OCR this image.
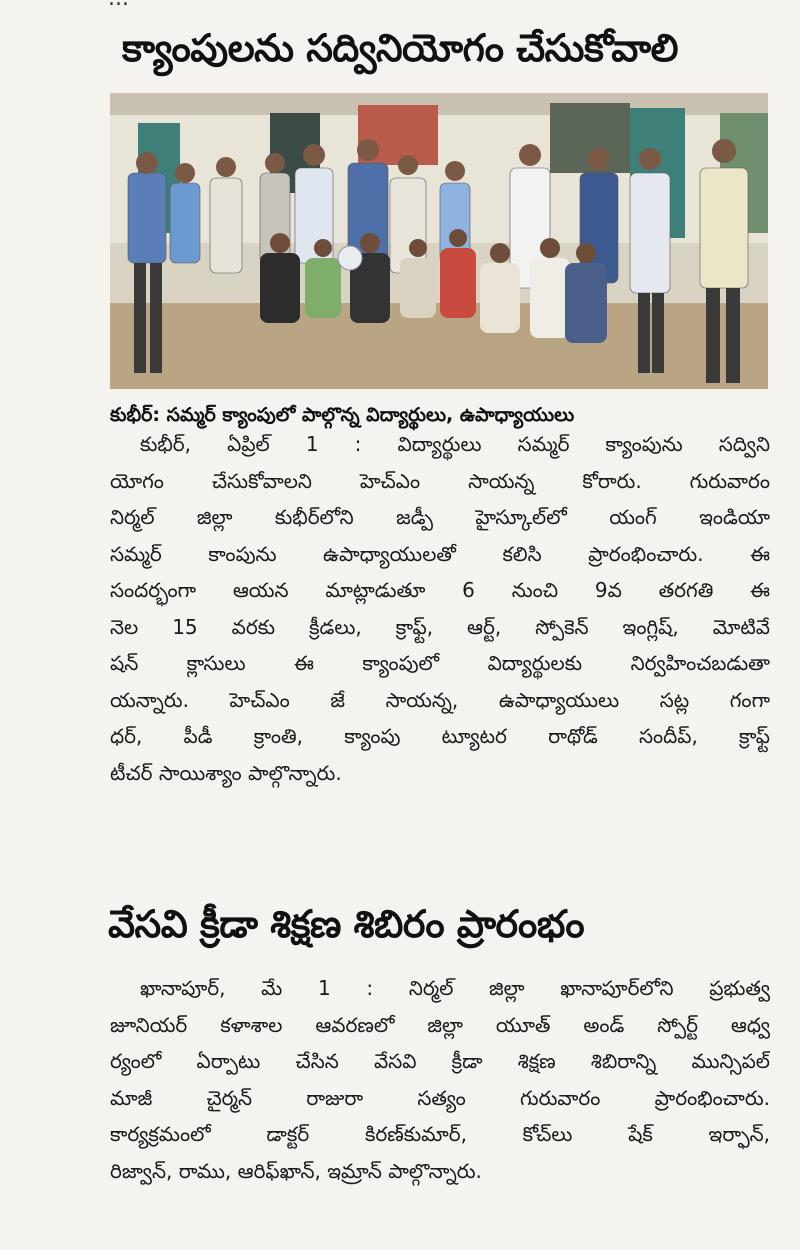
క్యాంపులను సద్వినియోగం చేసుకోవాలి
కుభీర్: సమ్మర్ క్యాంపులో పాల్గొన్న విద్యార్థులు, ఉపాధ్యాయులు
కుభీర్, ఏప్రిల్ 1 : విద్యార్థులు సమ్మర్ క్యాంపును సద్విని
యోగం చేసుకోవాలని హెచ్ఎం సాయన్న కోరారు. గురువారం
నిర్మల్ జిల్లా కుభీర్‌లోని జడ్పీ హైస్కూల్‌లో యంగ్ ఇండియా
సమ్మర్ కాంపును ఉపాధ్యాయులతో కలిసి ప్రారంభించారు. ఈ
సందర్భంగా ఆయన మాట్లాడుతూ 6 నుంచి 9వ తరగతి ఈ
నెల 15 వరకు క్రీడలు, క్రాఫ్ట్, ఆర్ట్, స్పోకెన్ ఇంగ్లిష్, మోటివే
షన్ క్లాసులు ఈ క్యాంపులో విద్యార్థులకు నిర్వహించబడుతా
యన్నారు. హెచ్ఎం జే సాయన్న, ఉపాధ్యాయులు సట్ల గంగా
ధర్, పీడీ క్రాంతి, క్యాంపు ట్యూటర రాథోడ్ సందీప్, క్రాఫ్ట్
టీచర్ సాయిశ్యాం పాల్గొన్నారు.
వేసవి క్రీడా శిక్షణ శిబిరం ప్రారంభం
ఖానాపూర్, మే 1 : నిర్మల్ జిల్లా ఖానాపూర్‌లోని ప్రభుత్వ
జూనియర్ కళాశాల ఆవరణలో జిల్లా యూత్ అండ్ స్పోర్ట్ ఆధ్వ
ర్యంలో ఏర్పాటు చేసిన వేసవి క్రీడా శిక్షణ శిబిరాన్ని మున్సిపల్
మాజీ చైర్మన్ రాజురా సత్యం గురువారం ప్రారంభించారు.
కార్యక్రమంలో డాక్టర్ కిరణ్‌కుమార్, కోచ్‌లు షేక్ ఇర్ఫాన్,
రిజ్వాన్, రాము, ఆరిఫ్‌ఖాన్, ఇమ్రాన్ పాల్గొన్నారు.
